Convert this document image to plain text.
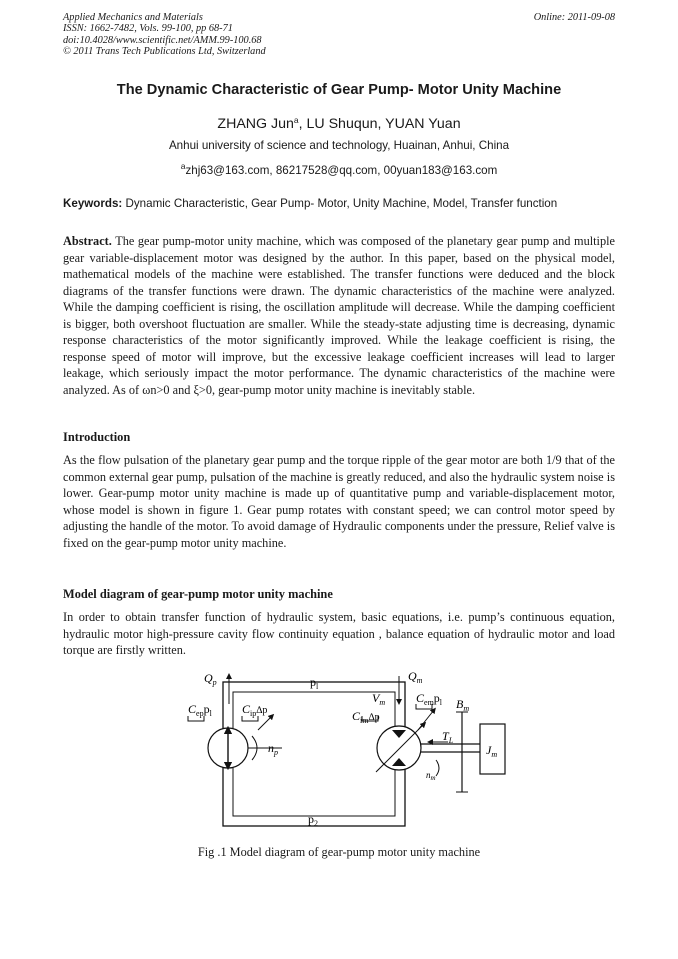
Applied Mechanics and Materials
ISSN: 1662-7482, Vols. 99-100, pp 68-71
doi:10.4028/www.scientific.net/AMM.99-100.68
© 2011 Trans Tech Publications Ltd, Switzerland
Online: 2011-09-08
The Dynamic Characteristic of Gear Pump- Motor Unity Machine
ZHANG Jun$^a$, LU Shuqun, YUAN Yuan
Anhui university of science and technology, Huainan, Anhui, China
$^a$zhj63@163.com, 86217528@qq.com, 00yuan183@163.com
Keywords: Dynamic Characteristic, Gear Pump- Motor, Unity Machine, Model, Transfer function
Abstract. The gear pump-motor unity machine, which was composed of the planetary gear pump and multiple gear variable-displacement motor was designed by the author. In this paper, based on the physical model, mathematical models of the machine were established. The transfer functions were deduced and the block diagrams of the transfer functions were drawn. The dynamic characteristics of the machine were analyzed. While the damping coefficient is rising, the oscillation amplitude will decrease. While the damping coefficient is bigger, both overshoot fluctuation are smaller. While the steady-state adjusting time is decreasing, dynamic response characteristics of the motor significantly improved. While the leakage coefficient is rising, the response speed of motor will improve, but the excessive leakage coefficient increases will lead to larger leakage, which seriously impact the motor performance. The dynamic characteristics of the machine were analyzed. As of ωn>0 and ξ>0, gear-pump motor unity machine is inevitably stable.
Introduction
As the flow pulsation of the planetary gear pump and the torque ripple of the gear motor are both 1/9 that of the common external gear pump, pulsation of the machine is greatly reduced, and also the hydraulic system noise is lower. Gear-pump motor unity machine is made up of quantitative pump and variable-displacement motor, whose model is shown in figure 1. Gear pump rotates with constant speed; we can control motor speed by adjusting the handle of the motor. To avoid damage of Hydraulic components under the pressure, Relief valve is fixed on the gear-pump motor unity machine.
Model diagram of gear-pump motor unity machine
In order to obtain transfer function of hydraulic system, basic equations, i.e. pump’s continuous equation, hydraulic motor high-pressure cavity flow continuity equation , balance equation of hydraulic motor and load torque are firstly written.
$Q_p$	$p_l$
$Q_m$
$V_m$
$C_{ep}p_l$	$C_{ip}^{\Delta p}$
$n_p$
$C_{im}^{\Delta p}$
$C_{em}p_l$ $B_m$
$T_L$
$J_m$
$n_m$
$p_2$
Fig .1 Model diagram of gear-pump motor unity machine
